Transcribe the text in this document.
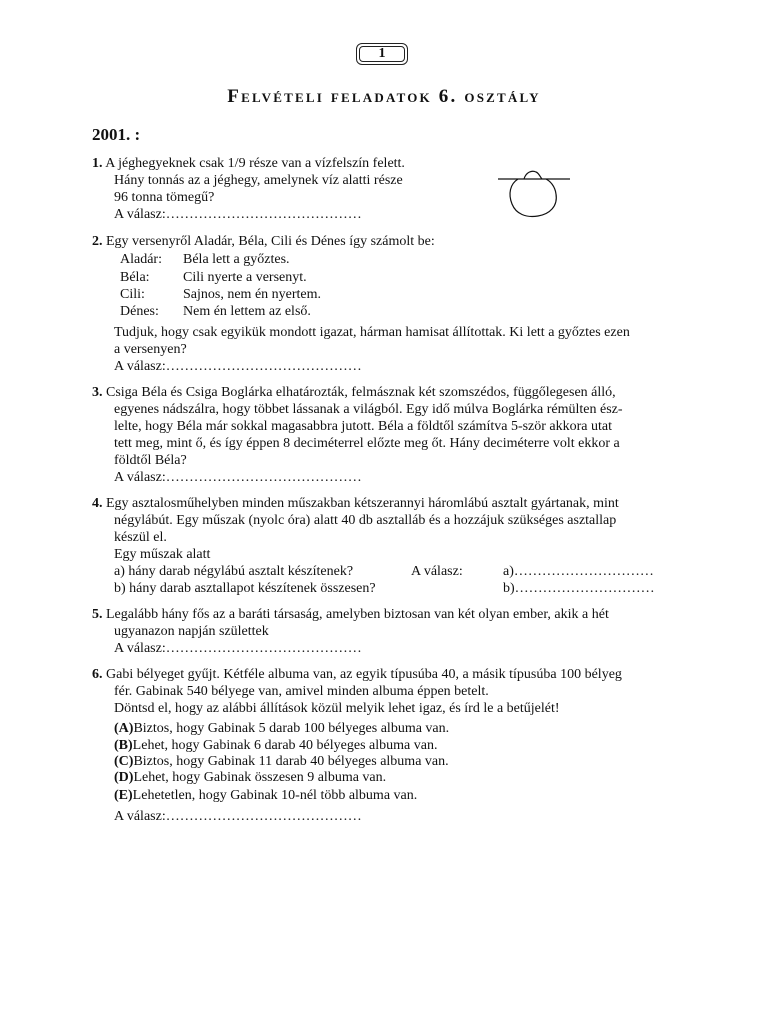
1
Felvételi feladatok 6. osztály
2001. :
1. A jéghegyeknek csak 1/9 része van a vízfelszín felett.
Hány tonnás az a jéghegy, amelynek víz alatti része
96 tonna tömegű?
A válasz:……………………………………
2. Egy versenyről Aladár, Béla, Cili és Dénes így számolt be:
Aladár: Béla lett a győztes.
Béla: Cili nyerte a versenyt.
Cili:	Sajnos, nem én nyertem.
Dénes: Nem én lettem az első.
Tudjuk, hogy csak egyikük mondott igazat, hárman hamisat állítottak. Ki lett a győztes ezen
a versenyen?
A válasz:……………………………………
3. Csiga Béla és Csiga Boglárka elhatározták, felmásznak két szomszédos, függőlegesen álló,
egyenes nádszálra, hogy többet lássanak a világból. Egy idő múlva Boglárka rémülten ész-
lelte, hogy Béla már sokkal magasabbra jutott. Béla a földtől számítva 5-ször akkora utat
tett meg, mint ő, és így éppen 8 deciméterrel előzte meg őt. Hány deciméterre volt ekkor a
földtől Béla?
A válasz:……………………………………
4. Egy asztalosműhelyben minden műszakban kétszerannyi háromlábú asztalt gyártanak, mint
négylábút. Egy műszak (nyolc óra) alatt 40 db asztalláb és a hozzájuk szükséges asztallap
készül el.
Egy műszak alatt
a) hány darab négylábú asztalt készítenek?	A válasz:	a)…………………………
b) hány darab asztallapot készítenek összesen?	b)…………………………
5. Legalább hány fős az a baráti társaság, amelyben biztosan van két olyan ember, akik a hét
ugyanazon napján születtek
A válasz:……………………………………
6. Gabi bélyeget gyűjt. Kétféle albuma van, az egyik típusúba 40, a másik típusúba 100 bélyeg
fér. Gabinak 540 bélyege van, amivel minden albuma éppen betelt.
Döntsd el, hogy az alábbi állítások közül melyik lehet igaz, és írd le a betűjelét!
(A)Biztos, hogy Gabinak 5 darab 100 bélyeges albuma van.
(B)Lehet, hogy Gabinak 6 darab 40 bélyeges albuma van.
(C)Biztos, hogy Gabinak 11 darab 40 bélyeges albuma van.
(D)Lehet, hogy Gabinak összesen 9 albuma van.
(E)Lehetetlen, hogy Gabinak 10-nél több albuma van.
A válasz:……………………………………
